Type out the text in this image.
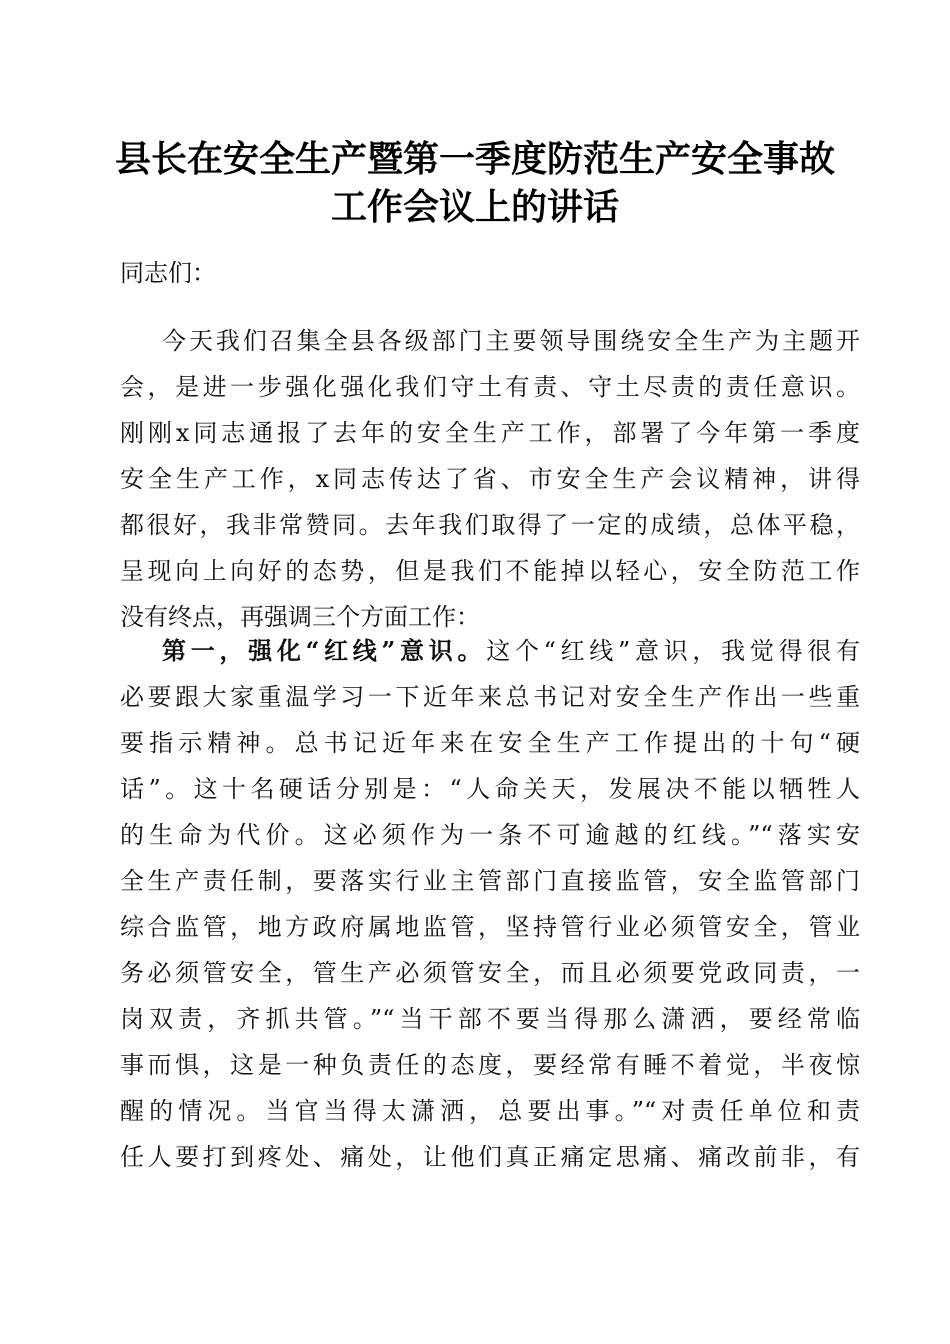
县长在安全生产暨第一季度防范生产安全事故
工作会议上的讲话
同志们：
今天我们召集全县各级部门主要领导围绕安全生产为主题开
会，是进一步强化强化我们守土有责、守土尽责的责任意识。
刚刚x同志通报了去年的安全生产工作，部署了今年第一季度
安全生产工作，x同志传达了省、市安全生产会议精神，讲得
都很好，我非常赞同。去年我们取得了一定的成绩，总体平稳，
呈现向上向好的态势，但是我们不能掉以轻心，安全防范工作
没有终点，再强调三个方面工作：
第一，强化“红线”意识。这个“红线”意识，我觉得很有
必要跟大家重温学习一下近年来总书记对安全生产作出一些重
要指示精神。总书记近年来在安全生产工作提出的十句“硬
话”。这十名硬话分别是：“人命关天，发展决不能以牺牲人
的生命为代价。这必须作为一条不可逾越的红线。”“落实安
全生产责任制，要落实行业主管部门直接监管，安全监管部门
综合监管，地方政府属地监管，坚持管行业必须管安全，管业
务必须管安全，管生产必须管安全，而且必须要党政同责，一
岗双责，齐抓共管。”“当干部不要当得那么潇洒，要经常临
事而惧，这是一种负责任的态度，要经常有睡不着觉，半夜惊
醒的情况。当官当得太潇洒，总要出事。”“对责任单位和责
任人要打到疼处、痛处，让他们真正痛定思痛、痛改前非，有
